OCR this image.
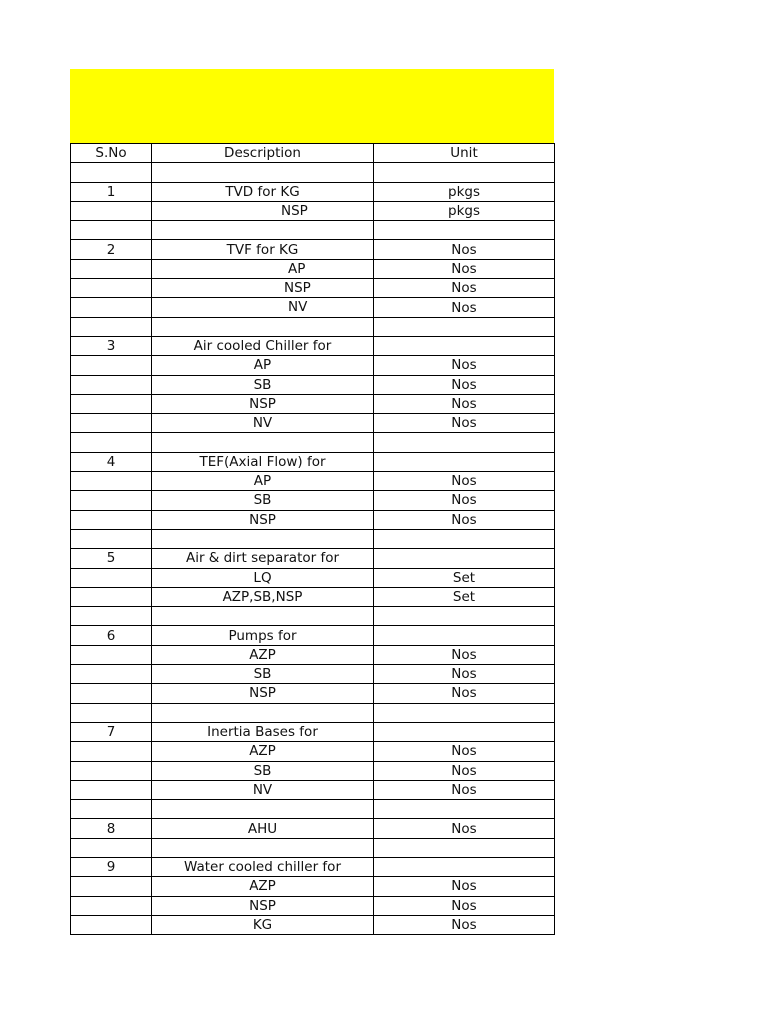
S.No	Description	Unit

1	TVD for KG	pkgs

	NSP	pkgs

2	TVF for KG	Nos

	AP	Nos

	NSP	Nos

	NV	Nos

3	Air cooled Chiller for	
	AP	Nos
	SB	Nos
	NSP	Nos
	NV	Nos

4	TEF(Axial Flow) for	
	AP	Nos
	SB	Nos
	NSP	Nos

5	Air & dirt separator for	
	LQ	Set
	AZP,SB,NSP	Set

6	Pumps for	
	AZP	Nos
	SB	Nos
	NSP	Nos

7	Inertia Bases for	
	AZP	Nos
	SB	Nos
	NV	Nos

8	AHU	Nos

9	Water cooled chiller for	
	AZP	Nos
	NSP	Nos
	KG	Nos
